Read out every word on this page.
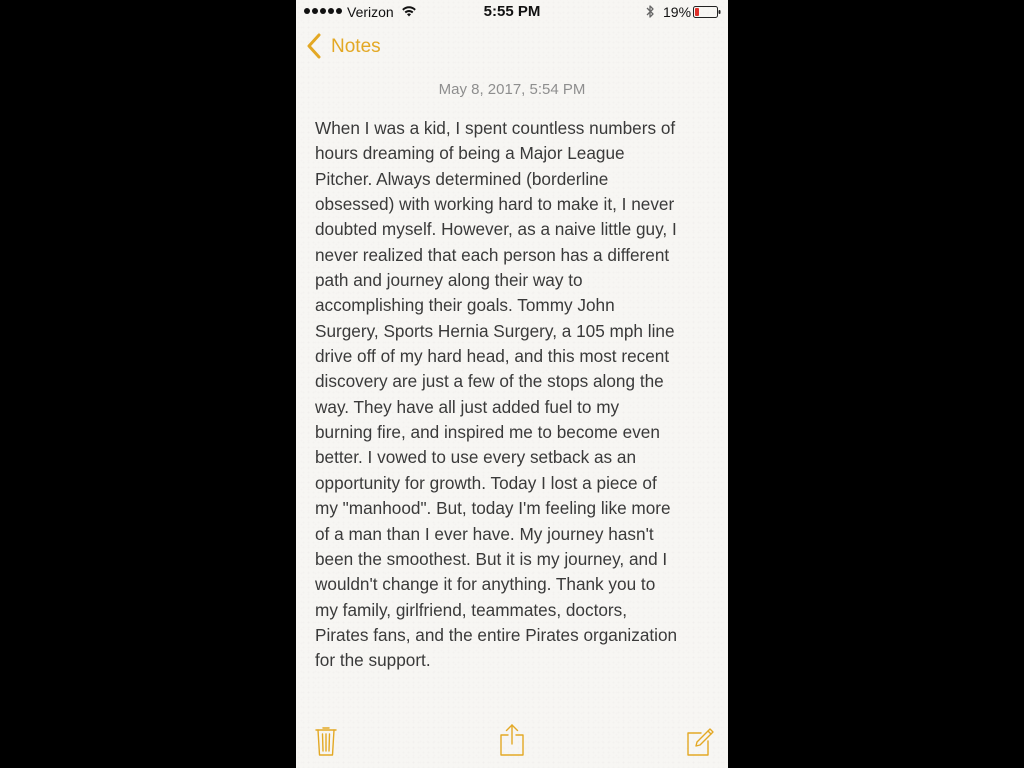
Verizon	5:55 PM	19%
Notes
May 8, 2017, 5:54 PM
When I was a kid, I spent countless numbers of
hours dreaming of being a Major League
Pitcher. Always determined (borderline
obsessed) with working hard to make it, I never
doubted myself. However, as a naive little guy, I
never realized that each person has a different
path and journey along their way to
accomplishing their goals. Tommy John
Surgery, Sports Hernia Surgery, a 105 mph line
drive off of my hard head, and this most recent
discovery are just a few of the stops along the
way. They have all just added fuel to my
burning fire, and inspired me to become even
better. I vowed to use every setback as an
opportunity for growth. Today I lost a piece of
my "manhood". But, today I'm feeling like more
of a man than I ever have. My journey hasn't
been the smoothest. But it is my journey, and I
wouldn't change it for anything. Thank you to
my family, girlfriend, teammates, doctors,
Pirates fans, and the entire Pirates organization
for the support.
